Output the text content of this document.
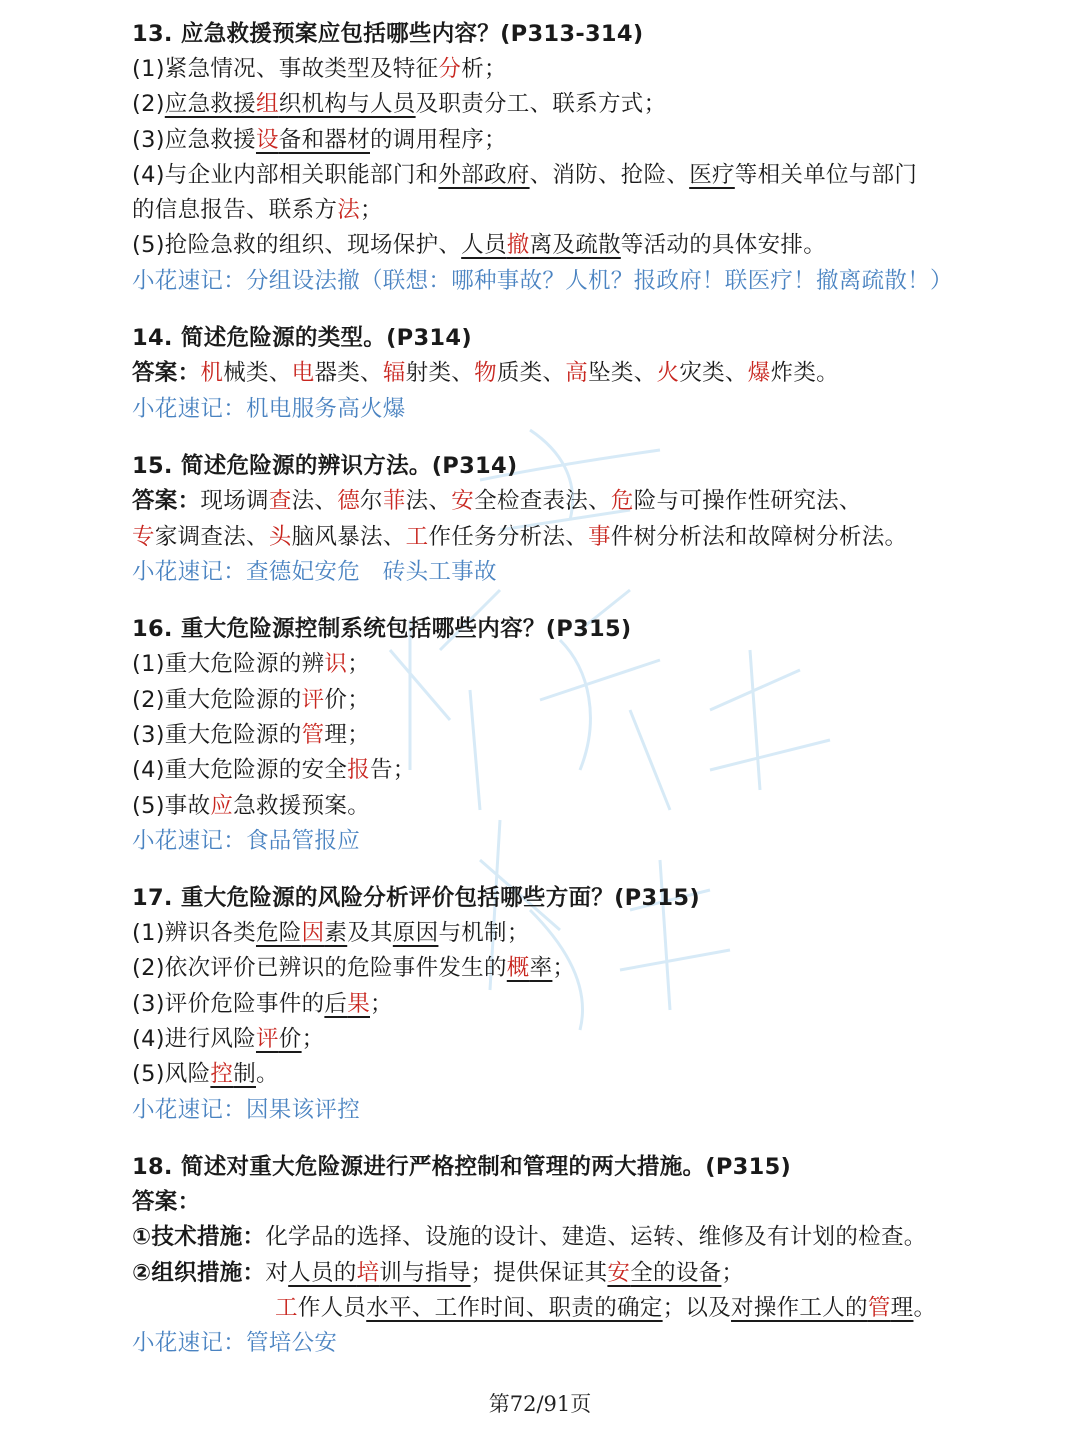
13. 应急救援预案应包括哪些内容？(P313-314)
(1)紧急情况、事故类型及特征分析；
(2)应急救援组织机构与人员及职责分工、联系方式；
(3)应急救援设备和器材的调用程序；
(4)与企业内部相关职能部门和外部政府、消防、抢险、医疗等相关单位与部门
的信息报告、联系方法；
(5)抢险急救的组织、现场保护、人员撤离及疏散等活动的具体安排。
小花速记：分组设法撤（联想：哪种事故？人机？报政府！联医疗！撤离疏散！）
14. 简述危险源的类型。(P314)
答案：机械类、电器类、辐射类、物质类、高坠类、火灾类、爆炸类。
小花速记：机电服务高火爆
15. 简述危险源的辨识方法。(P314)
答案：现场调查法、德尔菲法、安全检查表法、危险与可操作性研究法、
专家调查法、头脑风暴法、工作任务分析法、事件树分析法和故障树分析法。
小花速记：查德妃安危　砖头工事故
16. 重大危险源控制系统包括哪些内容？(P315)
(1)重大危险源的辨识；
(2)重大危险源的评价；
(3)重大危险源的管理；
(4)重大危险源的安全报告；
(5)事故应急救援预案。
小花速记：食品管报应
17. 重大危险源的风险分析评价包括哪些方面？(P315)
(1)辨识各类危险因素及其原因与机制；
(2)依次评价已辨识的危险事件发生的概率；
(3)评价危险事件的后果；
(4)进行风险评价；
(5)风险控制。
小花速记：因果该评控
18. 简述对重大危险源进行严格控制和管理的两大措施。(P315)
答案：
①技术措施：化学品的选择、设施的设计、建造、运转、维修及有计划的检查。
②组织措施：对人员的培训与指导；提供保证其安全的设备；
工作人员水平、工作时间、职责的确定；以及对操作工人的管理。
小花速记：管培公安
第72/91页
